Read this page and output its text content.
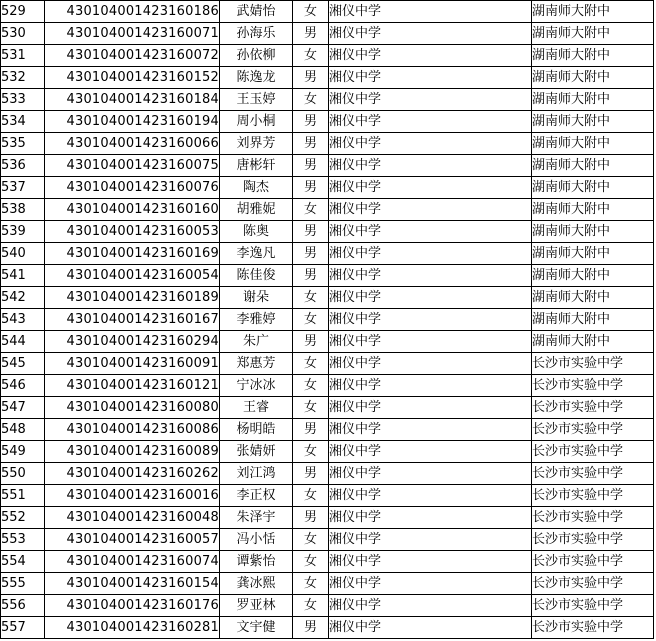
529	430104001423160186	武婧怡	女	湘仪中学	湖南师大附中
530	430104001423160071	孙海乐	男	湘仪中学	湖南师大附中
531	430104001423160072	孙依柳	女	湘仪中学	湖南师大附中
532	430104001423160152	陈逸龙	男	湘仪中学	湖南师大附中
533	430104001423160184	王玉婷	女	湘仪中学	湖南师大附中
534	430104001423160194	周小桐	男	湘仪中学	湖南师大附中
535	430104001423160066	刘界芳	男	湘仪中学	湖南师大附中
536	430104001423160075	唐彬轩	男	湘仪中学	湖南师大附中
537	430104001423160076	陶杰	男	湘仪中学	湖南师大附中
538	430104001423160160	胡雅妮	女	湘仪中学	湖南师大附中
539	430104001423160053	陈奥	男	湘仪中学	湖南师大附中
540	430104001423160169	李逸凡	男	湘仪中学	湖南师大附中
541	430104001423160054	陈佳俊	男	湘仪中学	湖南师大附中
542	430104001423160189	谢朵	女	湘仪中学	湖南师大附中
543	430104001423160167	李雅婷	女	湘仪中学	湖南师大附中
544	430104001423160294	朱广	男	湘仪中学	湖南师大附中
545	430104001423160091	郑惠芳	女	湘仪中学	长沙市实验中学
546	430104001423160121	宁冰冰	女	湘仪中学	长沙市实验中学
547	430104001423160080	王睿	女	湘仪中学	长沙市实验中学
548	430104001423160086	杨明皓	男	湘仪中学	长沙市实验中学
549	430104001423160089	张婧妍	女	湘仪中学	长沙市实验中学
550	430104001423160262	刘江鸿	男	湘仪中学	长沙市实验中学
551	430104001423160016	李正权	女	湘仪中学	长沙市实验中学
552	430104001423160048	朱泽宇	男	湘仪中学	长沙市实验中学
553	430104001423160057	冯小恬	女	湘仪中学	长沙市实验中学
554	430104001423160074	谭紫怡	女	湘仪中学	长沙市实验中学
555	430104001423160154	龚冰熙	女	湘仪中学	长沙市实验中学
556	430104001423160176	罗亚林	女	湘仪中学	长沙市实验中学
557	430104001423160281	文宇健	男	湘仪中学	长沙市实验中学
